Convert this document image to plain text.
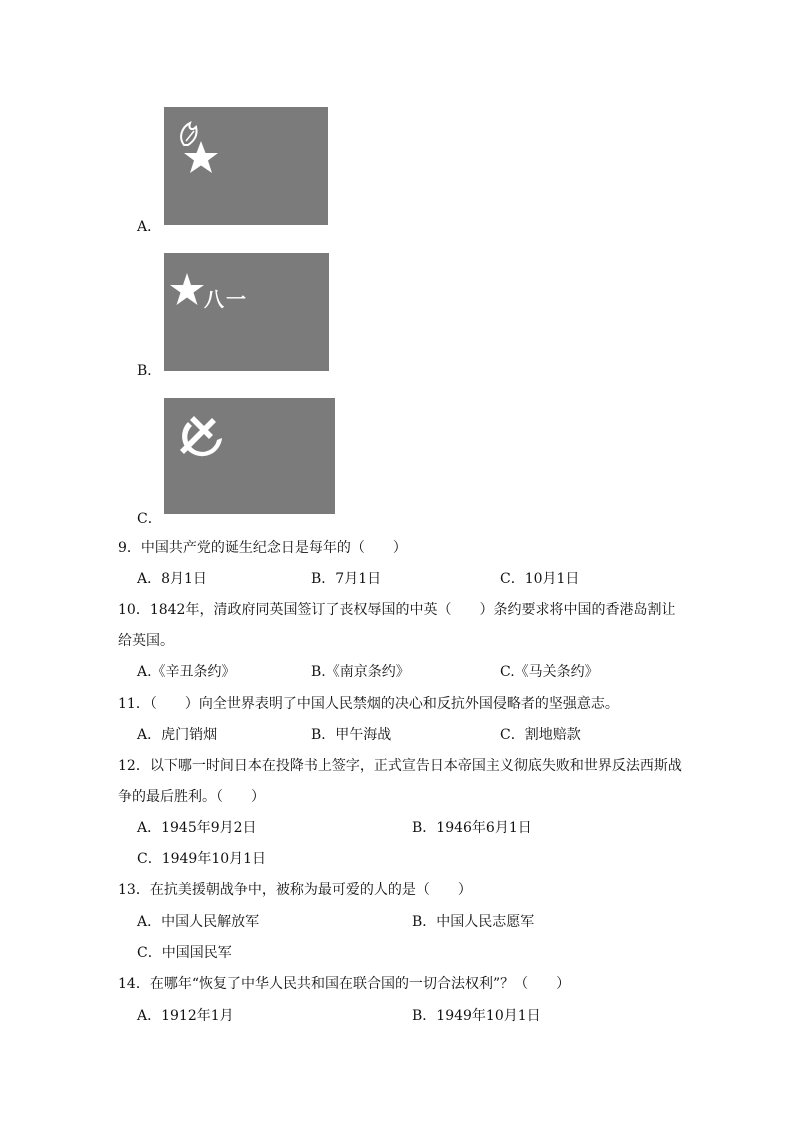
A．
八一
B．
C．
9．中国共产党的诞生纪念日是每年的（　　）
A．8月1日	B．7月1日	C．10月1日
10．1842年，清政府同英国签订了丧权辱国的中英（　　）条约要求将中国的香港岛割让
给英国。
A.《辛丑条约》	B.《南京条约》	C.《马关条约》
11．（　　）向全世界表明了中国人民禁烟的决心和反抗外国侵略者的坚强意志。
A．虎门销烟	B．甲午海战	C．割地赔款
12．以下哪一时间日本在投降书上签字，正式宣告日本帝国主义彻底失败和世界反法西斯战
争的最后胜利。（　　）
A．1945年9月2日	B．1946年6月1日
C．1949年10月1日
13．在抗美援朝战争中，被称为最可爱的人的是（　　）
A．中国人民解放军	B．中国人民志愿军
C．中国国民军
14．在哪年“恢复了中华人民共和国在联合国的一切合法权利”？（　　）
A．1912年1月	B．1949年10月1日
